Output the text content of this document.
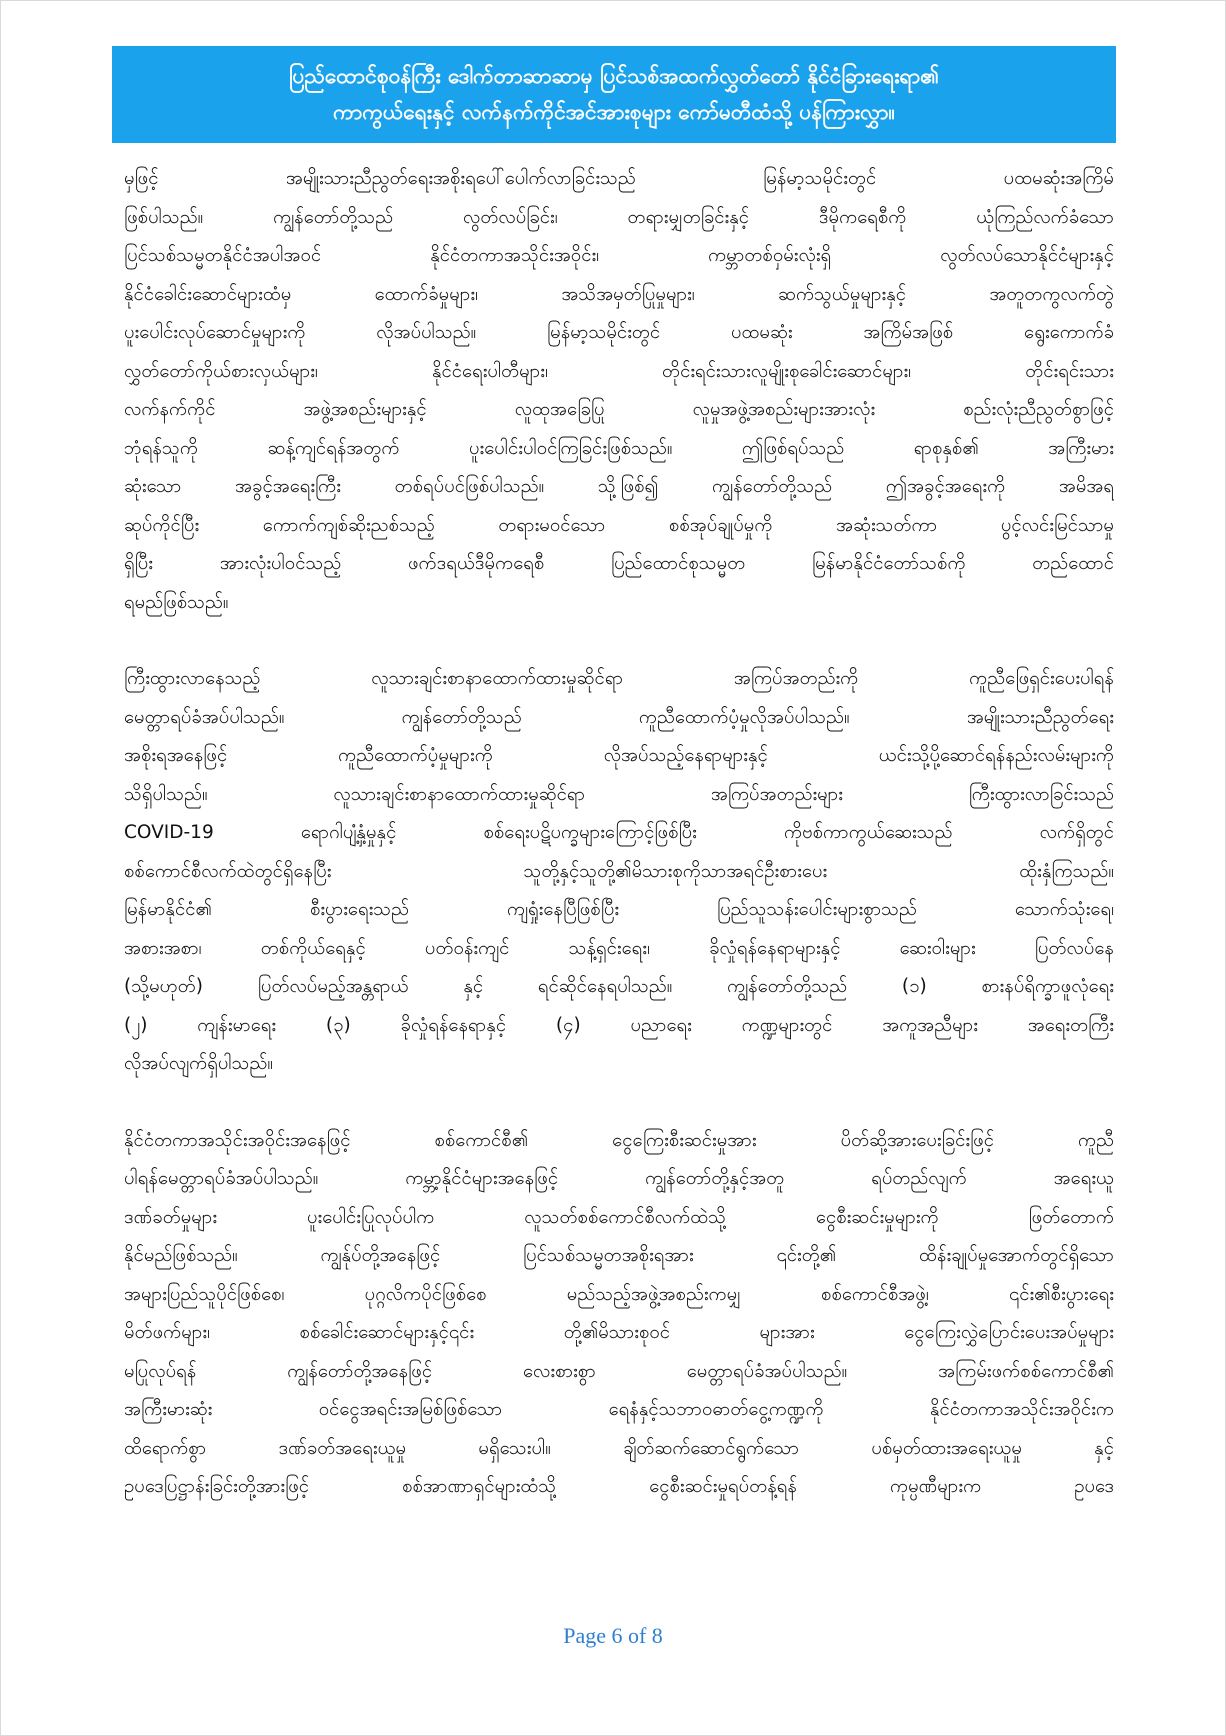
ပြည်ထောင်စုဝန်ကြီး ဒေါက်တာဆာဆာမှ ပြင်သစ်အထက်လွှတ်တော် နိုင်ငံခြားရေးရာ၏
ကာကွယ်ရေးနှင့် လက်နက်ကိုင်အင်အားစုများ ကော်မတီထံသို့ ပန်ကြားလွှာ။
မှဖြင့် အမျိုးသားညီညွတ်ရေးအစိုးရပေါ်ပေါက်လာခြင်းသည် မြန်မာ့သမိုင်းတွင် ပထမဆုံးအကြိမ်
ဖြစ်ပါသည်။ ကျွန်တော်တို့သည် လွတ်လပ်ခြင်း၊ တရားမျှတခြင်းနှင့် ဒီမိုကရေစီကို ယုံကြည်လက်ခံသော
ပြင်သစ်သမ္မတနိုင်ငံအပါအဝင် နိုင်ငံတကာအသိုင်းအဝိုင်း၊ ကမ္ဘာတစ်ဝှမ်းလုံးရှိ လွတ်လပ်သောနိုင်ငံများနှင့်
နိုင်ငံခေါင်းဆောင်များထံမှ ထောက်ခံမှုများ၊ အသိအမှတ်ပြုမှုများ၊ ဆက်သွယ်မှုများနှင့် အတူတကွလက်တွဲ
ပူးပေါင်းလုပ်ဆောင်မှုများကို လိုအပ်ပါသည်။ မြန်မာ့သမိုင်းတွင် ပထမဆုံး အကြိမ်အဖြစ် ရွေးကောက်ခံ
လွှတ်တော်ကိုယ်စားလှယ်များ၊ နိုင်ငံရေးပါတီများ၊ တိုင်းရင်းသားလူမျိုးစုခေါင်းဆောင်များ၊ တိုင်းရင်းသား
လက်နက်ကိုင် အဖွဲ့အစည်းများနှင့် လူထုအခြေပြု လူမှုအဖွဲ့အစည်းများအားလုံး စည်းလုံးညီညွတ်စွာဖြင့်
ဘုံရန်သူကို ဆန့်ကျင်ရန်အတွက် ပူးပေါင်းပါဝင်ကြခြင်းဖြစ်သည်။ ဤဖြစ်ရပ်သည် ရာစုနှစ်၏ အကြီးမား
ဆုံးသော အခွင့်အရေးကြီး တစ်ရပ်ပင်ဖြစ်ပါသည်။ သို့ဖြစ်၍ ကျွန်တော်တို့သည် ဤအခွင့်အရေးကို အမိအရ
ဆုပ်ကိုင်ပြီး ကောက်ကျစ်ဆိုးညစ်သည့် တရားမဝင်သော စစ်အုပ်ချုပ်မှုကို အဆုံးသတ်ကာ ပွင့်လင်းမြင်သာမှု
ရှိပြီး အားလုံးပါဝင်သည့် ဖက်ဒရယ်ဒီမိုကရေစီ ပြည်ထောင်စုသမ္မတ မြန်မာနိုင်ငံတော်သစ်ကို တည်ထောင်
ရမည်ဖြစ်သည်။
ကြီးထွားလာနေသည့် လူသားချင်းစာနာထောက်ထားမှုဆိုင်ရာ အကြပ်အတည်းကို ကူညီဖြေရှင်းပေးပါရန်
မေတ္တာရပ်ခံအပ်ပါသည်။ ကျွန်တော်တို့သည် ကူညီထောက်ပံ့မှုလိုအပ်ပါသည်။ အမျိုးသားညီညွတ်ရေး
အစိုးရအနေဖြင့် ကူညီထောက်ပံ့မှုများကို လိုအပ်သည့်နေရာများနှင့် ယင်းသို့ပို့ဆောင်ရန်နည်းလမ်းများကို
သိရှိပါသည်။ လူသားချင်းစာနာထောက်ထားမှုဆိုင်ရာ အကြပ်အတည်းများ ကြီးထွားလာခြင်းသည်
COVID-19 ရောဂါပျံ့နှံ့မှုနှင့် စစ်ရေးပဋိပက္ခများကြောင့်ဖြစ်ပြီး ကိုဗစ်ကာကွယ်ဆေးသည် လက်ရှိတွင်
စစ်ကောင်စီလက်ထဲတွင်ရှိနေပြီး သူတို့နှင့်သူတို့၏မိသားစုကိုသာအရင်ဦးစားပေး ထိုးနှံကြသည်။
မြန်မာနိုင်ငံ၏ စီးပွားရေးသည် ကျရှုံးနေပြီဖြစ်ပြီး ပြည်သူသန်းပေါင်းများစွာသည် သောက်သုံးရေ၊
အစားအစာ၊ တစ်ကိုယ်ရေနှင့် ပတ်ဝန်းကျင် သန့်ရှင်းရေး၊ ခိုလှုံရန်နေရာများနှင့် ဆေးဝါးများ ပြတ်လပ်နေ
(သို့မဟုတ်) ပြတ်လပ်မည့်အန္တရာယ် နှင့် ရင်ဆိုင်နေရပါသည်။ ကျွန်တော်တို့သည် (၁) စားနပ်ရိက္ခာဖူလုံရေး
(၂) ကျန်းမာရေး (၃) ခိုလှုံရန်နေရာနှင့် (၄) ပညာရေး ကဏ္ဍများတွင် အကူအညီများ အရေးတကြီး
လိုအပ်လျက်ရှိပါသည်။
နိုင်ငံတကာအသိုင်းအဝိုင်းအနေဖြင့် စစ်ကောင်စီ၏ ငွေကြေးစီးဆင်းမှုအား ပိတ်ဆို့အားပေးခြင်းဖြင့် ကူညီ
ပါရန်မေတ္တာရပ်ခံအပ်ပါသည်။ ကမ္ဘာ့နိုင်ငံများအနေဖြင့် ကျွန်တော်တို့နှင့်အတူ ရပ်တည်လျက် အရေးယူ
ဒဏ်ခတ်မှုများ ပူးပေါင်းပြုလုပ်ပါက လူသတ်စစ်ကောင်စီလက်ထဲသို့ ငွေစီးဆင်းမှုများကို ဖြတ်တောက်
နိုင်မည်ဖြစ်သည်။ ကျွန်ုပ်တို့အနေဖြင့် ပြင်သစ်သမ္မတအစိုးရအား ၎င်းတို့၏ ထိန်းချုပ်မှုအောက်တွင်ရှိသော
အများပြည်သူပိုင်ဖြစ်စေ၊ ပုဂ္ဂလိကပိုင်ဖြစ်စေ မည်သည့်အဖွဲ့အစည်းကမျှ စစ်ကောင်စီအဖွဲ့၊ ၎င်း၏စီးပွားရေး
မိတ်ဖက်များ၊ စစ်ခေါင်းဆောင်များနှင့်၎င်း တို့၏မိသားစုဝင် များအား ငွေကြေးလွှဲပြောင်းပေးအပ်မှုများ
မပြုလုပ်ရန် ကျွန်တော်တို့အနေဖြင့် လေးစားစွာ မေတ္တာရပ်ခံအပ်ပါသည်။ အကြမ်းဖက်စစ်ကောင်စီ၏
အကြီးမားဆုံး ဝင်ငွေအရင်းအမြစ်ဖြစ်သော ရေနံနှင့်သဘာဝဓာတ်ငွေ့ကဏ္ဍကို နိုင်ငံတကာအသိုင်းအဝိုင်းက
ထိရောက်စွာ ဒဏ်ခတ်အရေးယူမှု မရှိသေးပါ။ ချိတ်ဆက်ဆောင်ရွက်သော ပစ်မှတ်ထားအရေးယူမှု နှင့်
ဥပဒေပြဋ္ဌာန်းခြင်းတို့အားဖြင့် စစ်အာဏာရှင်များထံသို့ ငွေစီးဆင်းမှုရပ်တန့်ရန် ကုမ္ပဏီများက ဥပဒေ
Page 6 of 8
